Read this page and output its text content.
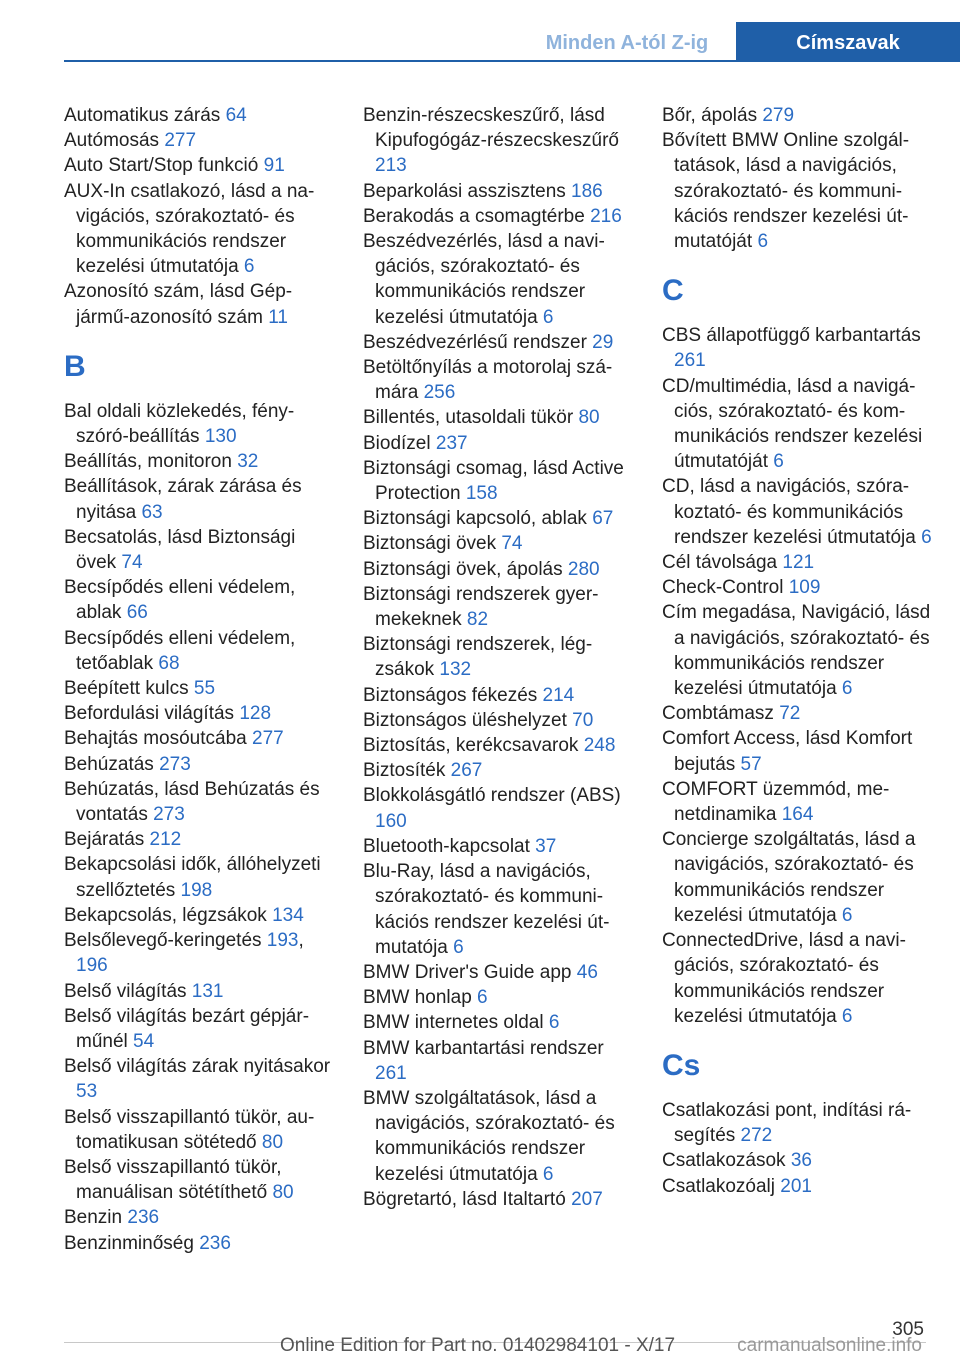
Minden A-tól Z-ig	Címszavak

Automatikus zárás 64

Autómosás 277

Auto Start/Stop funkció 91

AUX-In csatlakozó, lásd a navigációs, szórakoztató- és kommunikációs rendszer kezelési útmutatója 6

Azonosító szám, lásd Gépjármű-azonosító szám 11

B

Bal oldali közlekedés, fényszóró-beállítás 130

Beállítás, monitoron 32

Beállítások, zárak zárása és nyitása 63

Becsatolás, lásd Biztonsági övek 74

Becsípődés elleni védelem, ablak 66

Becsípődés elleni védelem, tetőablak 68

Beépített kulcs 55

Befordulási világítás 128

Behajtás mosóutcába 277

Behúzatás 273

Behúzatás, lásd Behúzatás és vontatás 273

Bejáratás 212

Bekapcsolási idők, állóhelyzeti szellőztetés 198

Bekapcsolás, légzsákok 134

Belsőlevegő-keringetés 193, 196

Belső világítás 131

Belső világítás bezárt gépjárműnél 54

Belső világítás zárak nyitásakor 53

Belső visszapillantó tükör, automatikusan sötétedő 80

Belső visszapillantó tükör, manuálisan sötétíthető 80

Benzin 236

Benzinminőség 236

Benzin-részecskeszűrő, lásd Kipufogógáz-részecskeszűrő 213

Beparkolási asszisztens 186

Berakodás a csomagtérbe 216

Beszédvezérlés, lásd a navigációs, szórakoztató- és kommunikációs rendszer kezelési útmutatója 6

Beszédvezérlésű rendszer 29

Betöltőnyílás a motorolaj számára 256

Billentés, utasoldali tükör 80

Biodízel 237

Biztonsági csomag, lásd Active Protection 158

Biztonsági kapcsoló, ablak 67

Biztonsági övek 74

Biztonsági övek, ápolás 280

Biztonsági rendszerek gyermekeknek 82

Biztonsági rendszerek, légzsákok 132

Biztonságos fékezés 214

Biztonságos üléshelyzet 70

Biztosítás, kerékcsavarok 248

Biztosíték 267

Blokkolásgátló rendszer (ABS) 160

Bluetooth-kapcsolat 37

Blu-Ray, lásd a navigációs, szórakoztató- és kommunikációs rendszer kezelési útmutatója 6

BMW Driver's Guide app 46

BMW honlap 6

BMW internetes oldal 6

BMW karbantartási rendszer 261

BMW szolgáltatások, lásd a navigációs, szórakoztató- és kommunikációs rendszer kezelési útmutatója 6

Bögretartó, lásd Italtartó 207

Bőr, ápolás 279

Bővített BMW Online szolgáltatások, lásd a navigációs, szórakoztató- és kommunikációs rendszer kezelési útmutatóját 6

C

CBS állapotfüggő karbantartás 261

CD/multimédia, lásd a navigációs, szórakoztató- és kommunikációs rendszer kezelési útmutatóját 6

CD, lásd a navigációs, szórakoztató- és kommunikációs rendszer kezelési útmutatója 6

Cél távolsága 121

Check-Control 109

Cím megadása, Navigáció, lásd a navigációs, szórakoztató- és kommunikációs rendszer kezelési útmutatója 6

Combtámasz 72

Comfort Access, lásd Komfort bejutás 57

COMFORT üzemmód, menetdinamika 164

Concierge szolgáltatás, lásd a navigációs, szórakoztató- és kommunikációs rendszer kezelési útmutatója 6

ConnectedDrive, lásd a navigációs, szórakoztató- és kommunikációs rendszer kezelési útmutatója 6

Cs

Csatlakozási pont, indítási rásegítés 272

Csatlakozások 36

Csatlakozóalj 201

305
Online Edition for Part no. 01402984101 - X/17	carmanualsonline.info
